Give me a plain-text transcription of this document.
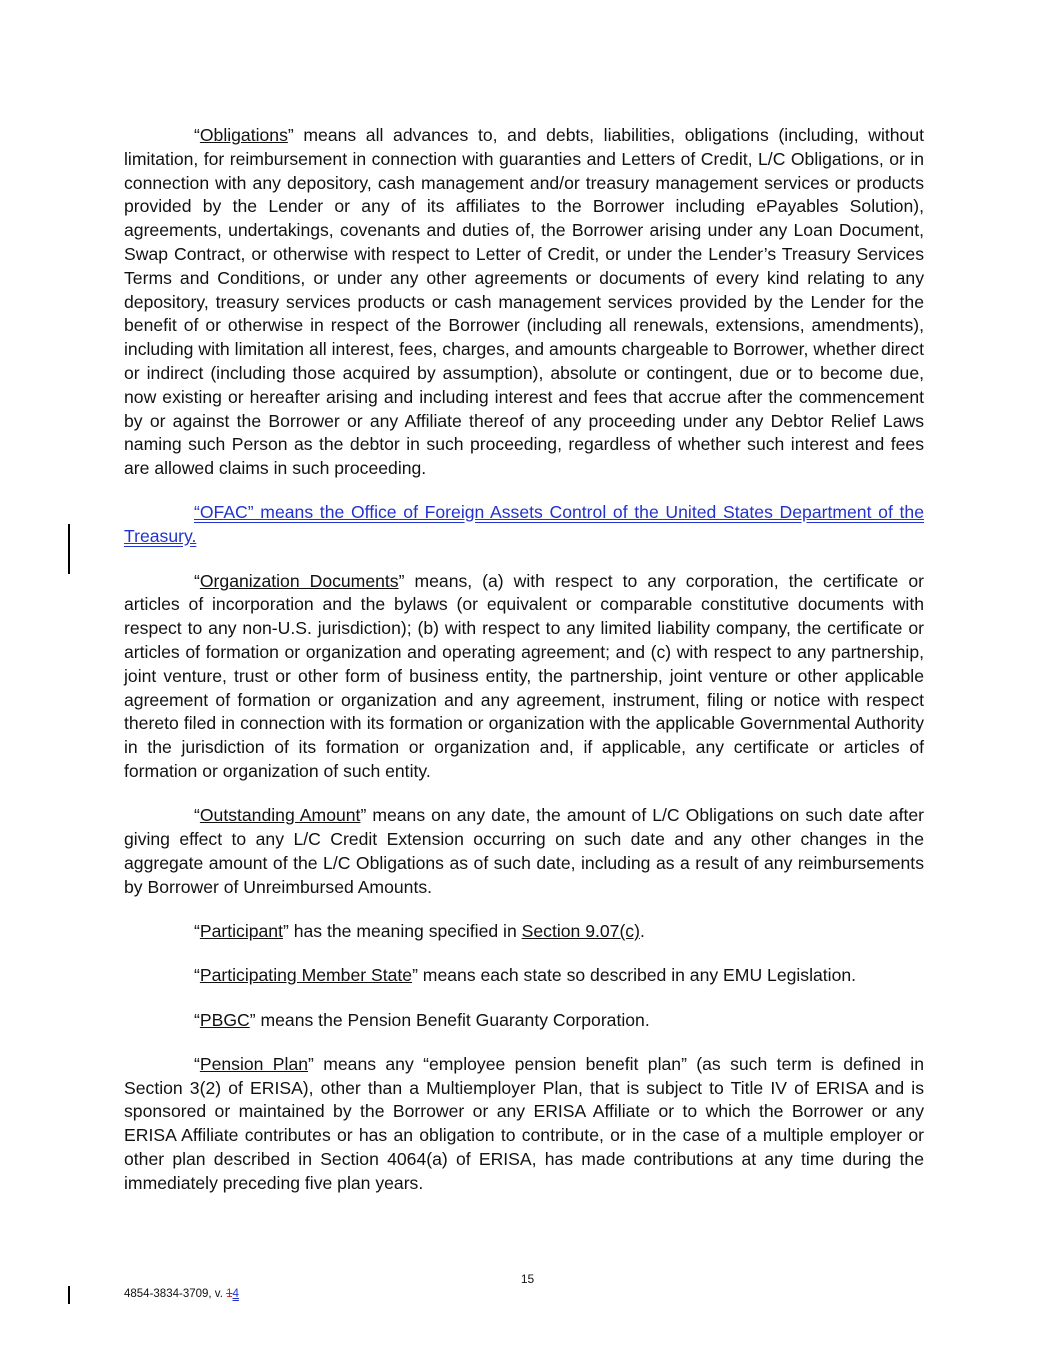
“Obligations” means all advances to, and debts, liabilities, obligations (including, without limitation, for reimbursement in connection with guaranties and Letters of Credit, L/C Obligations, or in connection with any depository, cash management and/or treasury management services or products provided by the Lender or any of its affiliates to the Borrower including ePayables Solution), agreements, undertakings, covenants and duties of, the Borrower arising under any Loan Document, Swap Contract, or otherwise with respect to Letter of Credit, or under the Lender’s Treasury Services Terms and Conditions, or under any other agreements or documents of every kind relating to any depository, treasury services products or cash management services provided by the Lender for the benefit of or otherwise in respect of the Borrower (including all renewals, extensions, amendments), including with limitation all interest, fees, charges, and amounts chargeable to Borrower, whether direct or indirect (including those acquired by assumption), absolute or contingent, due or to become due, now existing or hereafter arising and including interest and fees that accrue after the commencement by or against the Borrower or any Affiliate thereof of any proceeding under any Debtor Relief Laws naming such Person as the debtor in such proceeding, regardless of whether such interest and fees are allowed claims in such proceeding.

“OFAC” means the Office of Foreign Assets Control of the United States Department of the Treasury.

“Organization Documents” means, (a) with respect to any corporation, the certificate or articles of incorporation and the bylaws (or equivalent or comparable constitutive documents with respect to any non-U.S. jurisdiction); (b) with respect to any limited liability company, the certificate or articles of formation or organization and operating agreement; and (c) with respect to any partnership, joint venture, trust or other form of business entity, the partnership, joint venture or other applicable agreement of formation or organization and any agreement, instrument, filing or notice with respect thereto filed in connection with its formation or organization with the applicable Governmental Authority in the jurisdiction of its formation or organization and, if applicable, any certificate or articles of formation or organization of such entity.

“Outstanding Amount” means on any date, the amount of L/C Obligations on such date after giving effect to any L/C Credit Extension occurring on such date and any other changes in the aggregate amount of the L/C Obligations as of such date, including as a result of any reimbursements by Borrower of Unreimbursed Amounts.

“Participant” has the meaning specified in Section 9.07(c).

“Participating Member State” means each state so described in any EMU Legislation.

“PBGC” means the Pension Benefit Guaranty Corporation.

“Pension Plan” means any “employee pension benefit plan” (as such term is defined in Section 3(2) of ERISA), other than a Multiemployer Plan, that is subject to Title IV of ERISA and is sponsored or maintained by the Borrower or any ERISA Affiliate or to which the Borrower or any ERISA Affiliate contributes or has an obligation to contribute, or in the case of a multiple employer or other plan described in Section 4064(a) of ERISA, has made contributions at any time during the immediately preceding five plan years.

15
4854-3834-3709, v. 14
